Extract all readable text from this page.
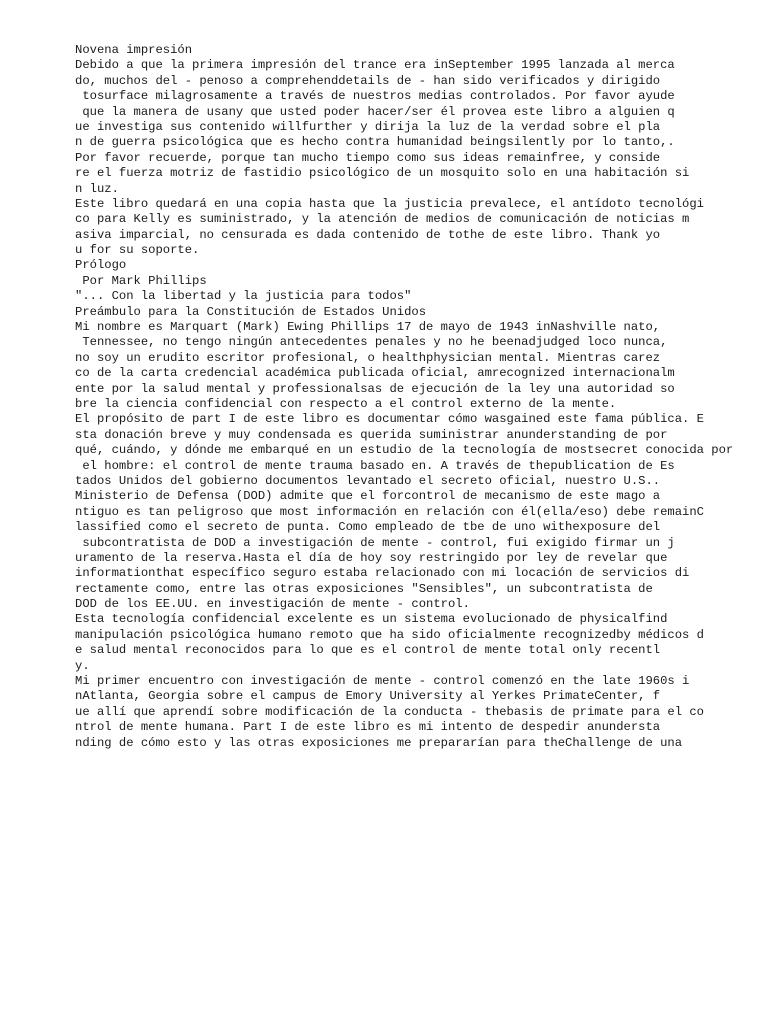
Novena impresión
Debido a que la primera impresión del trance era inSeptember 1995 lanzada al merca
do, muchos del - penoso a comprehenddetails de - han sido verificados y dirigido
tosurface milagrosamente a través de nuestros medias controlados. Por favor ayude
que la manera de usany que usted poder hacer/ser él provea este libro a alguien q
ue investiga sus contenido willfurther y dirija la luz de la verdad sobre el pla
n de guerra psicológica que es hecho contra humanidad beingsilently por lo tanto,.
Por favor recuerde, porque tan mucho tiempo como sus ideas remainfree, y conside
re el fuerza motriz de fastidio psicológico de un mosquito solo en una habitación si
n luz.
Este libro quedará en una copia hasta que la justicia prevalece, el antídoto tecnológi
co para Kelly es suministrado, y la atención de medios de comunicación de noticias m
asiva imparcial, no censurada es dada contenido de tothe de este libro. Thank yo
u for su soporte.
Prólogo
Por Mark Phillips
"... Con la libertad y la justicia para todos"
Preámbulo para la Constitución de Estados Unidos
Mi nombre es Marquart (Mark) Ewing Phillips 17 de mayo de 1943 inNashville nato,
Tennessee, no tengo ningún antecedentes penales y no he beenadjudged loco nunca,
no soy un erudito escritor profesional, o healthphysician mental. Mientras carez
co de la carta credencial académica publicada oficial, amrecognized internacionalm
ente por la salud mental y professionalsas de ejecución de la ley una autoridad so
bre la ciencia confidencial con respecto a el control externo de la mente.
El propósito de part I de este libro es documentar cómo wasgained este fama pública. E
sta donación breve y muy condensada es querida suministrar anunderstanding de por
qué, cuándo, y dónde me embarqué en un estudio de la tecnología de mostsecret conocida por
el hombre: el control de mente trauma basado en. A través de thepublication de Es
tados Unidos del gobierno documentos levantado el secreto oficial, nuestro U.S..
Ministerio de Defensa (DOD) admite que el forcontrol de mecanismo de este mago a
ntiguo es tan peligroso que most información en relación con él(ella/eso) debe remainC
lassified como el secreto de punta. Como empleado de tbe de uno withexposure del
subcontratista de DOD a investigación de mente - control, fui exigido firmar un j
uramento de la reserva.Hasta el día de hoy soy restringido por ley de revelar que
informationthat específico seguro estaba relacionado con mi locación de servicios di
rectamente como, entre las otras exposiciones "Sensibles", un subcontratista de
DOD de los EE.UU. en investigación de mente - control.
Esta tecnología confidencial excelente es un sistema evolucionado de physicalfind
manipulación psicológica humano remoto que ha sido oficialmente recognizedby médicos d
e salud mental reconocidos para lo que es el control de mente total only recentl
y.
Mi primer encuentro con investigación de mente - control comenzó en the late 1960s i
nAtlanta, Georgia sobre el campus de Emory University al Yerkes PrimateCenter, f
ue allí que aprendí sobre modificación de la conducta - thebasis de primate para el co
ntrol de mente humana. Part I de este libro es mi intento de despedir anundersta
nding de cómo esto y las otras exposiciones me prepararían para theChallenge de una
